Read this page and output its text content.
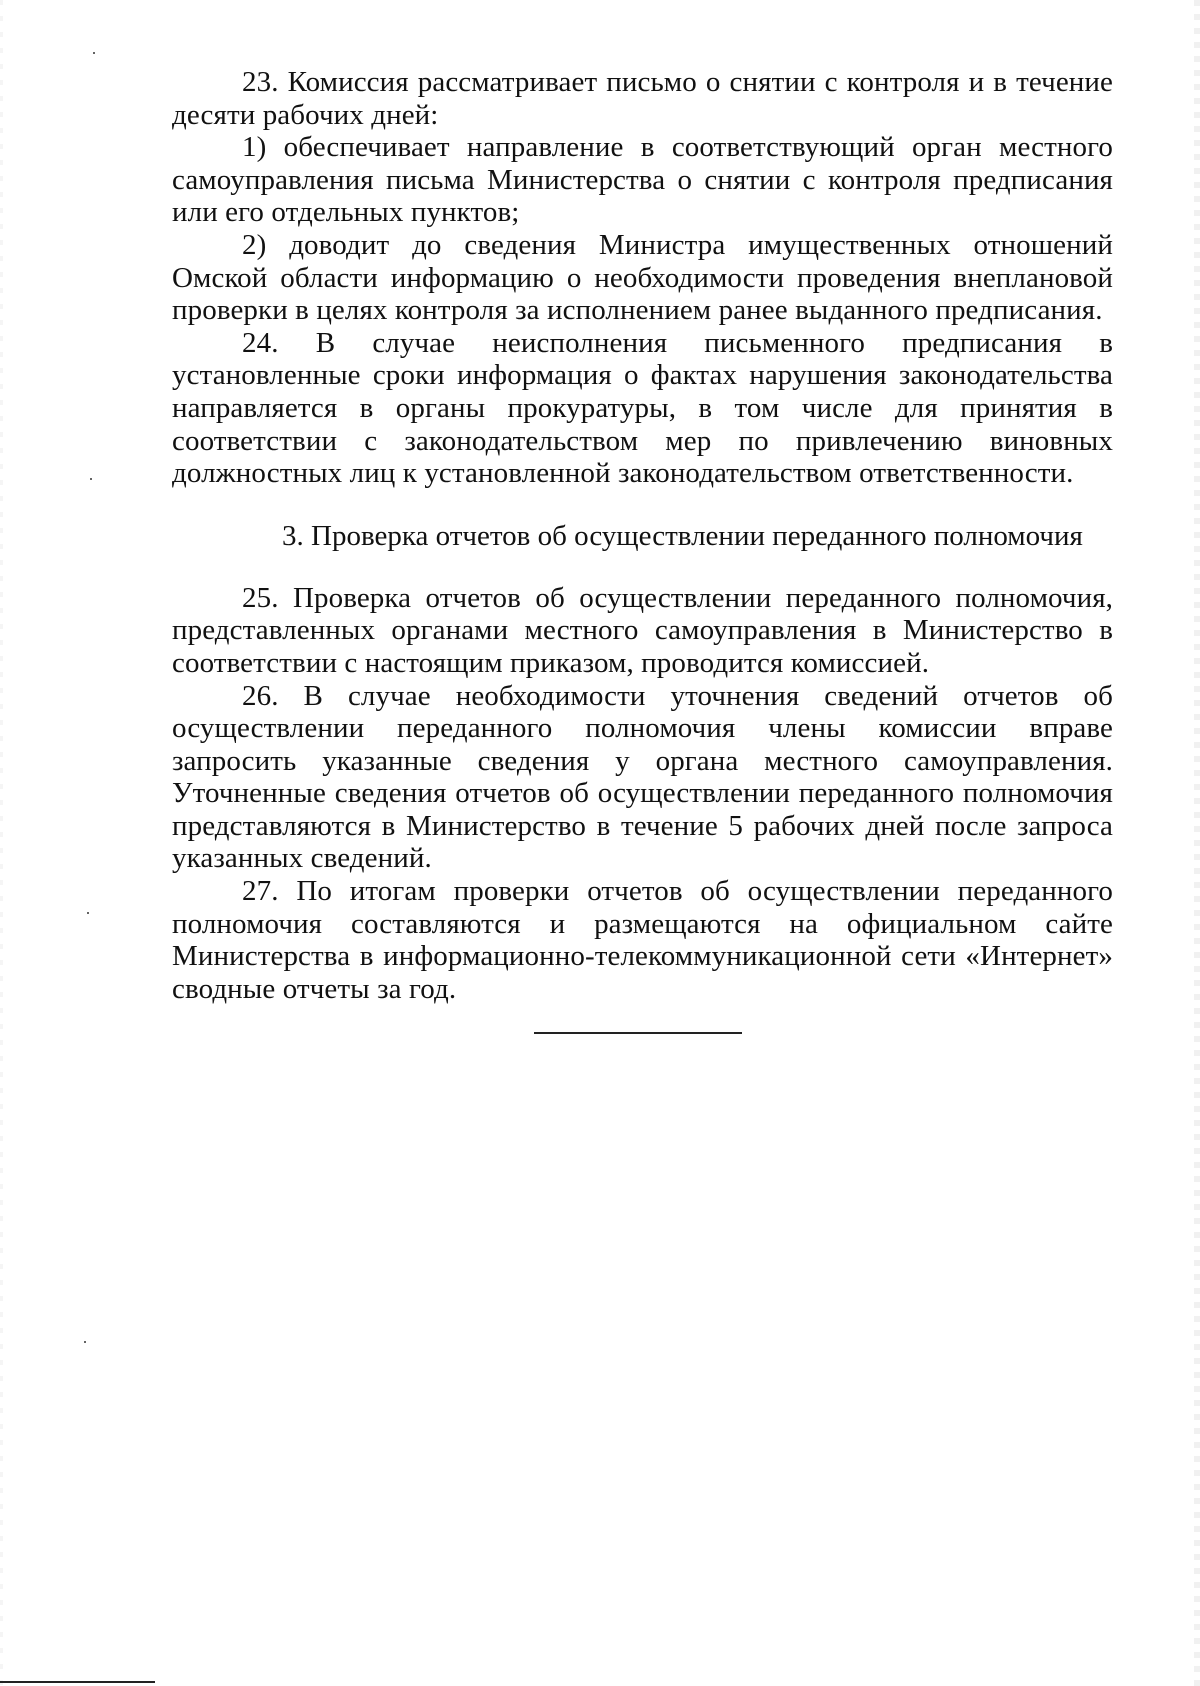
23. Комиссия рассматривает письмо о снятии с контроля и в течение десяти рабочих дней:

1) обеспечивает направление в соответствующий орган местного самоуправления письма Министерства о снятии с контроля предписания или его отдельных пунктов;

2) доводит до сведения Министра имущественных отношений Омской области информацию о необходимости проведения внеплановой проверки в целях контроля за исполнением ранее выданного предписания.

24. В случае неисполнения письменного предписания в установленные сроки информация о фактах нарушения законодательства направляется в органы прокуратуры, в том числе для принятия в соответствии с законодательством мер по привлечению виновных должностных лиц к установленной законодательством ответственности.

3. Проверка отчетов об осуществлении переданного полномочия

25. Проверка отчетов об осуществлении переданного полномочия, представленных органами местного самоуправления в Министерство в соответствии с настоящим приказом, проводится комиссией.

26. В случае необходимости уточнения сведений отчетов об осуществлении переданного полномочия члены комиссии вправе запросить указанные сведения у органа местного самоуправления. Уточненные сведения отчетов об осуществлении переданного полномочия представляются в Министерство в течение 5 рабочих дней после запроса указанных сведений.

27. По итогам проверки отчетов об осуществлении переданного полномочия составляются и размещаются на официальном сайте Министерства в информационно-телекоммуникационной сети «Интернет» сводные отчеты за год.
